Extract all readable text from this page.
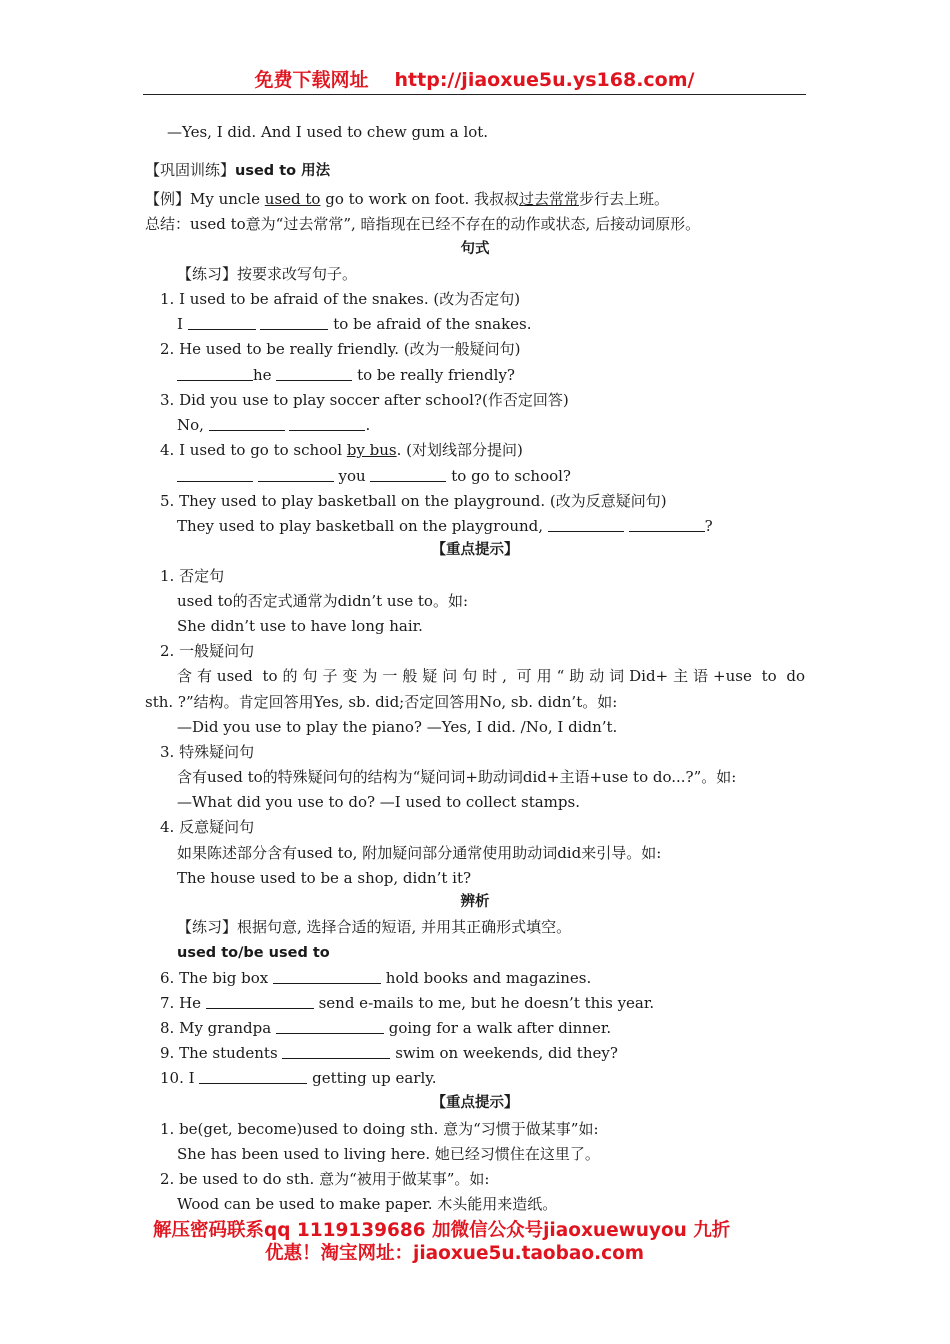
免费下载网址 http://jiaoxue5u.ys168.com/
—Yes, I did. And I used to chew gum a lot.
【巩固训练】used to 用法
【例】My uncle used to go to work on foot. 我叔叔过去常常步行去上班。
总结：used to意为“过去常常”, 暗指现在已经不存在的动作或状态, 后接动词原形。
句式
【练习】按要求改写句子。
1. I used to be afraid of the snakes. (改为否定句)
I	to be afraid of the snakes.
2. He used to be really friendly. (改为一般疑问句)
he	to be really friendly?
3. Did you use to play soccer after school?(作否定回答)
No,	.
4. I used to go to school by bus. (对划线部分提问)
you	to go to school?
5. They used to play basketball on the playground. (改为反意疑问句)
They used to play basketball on the playground,	?
【重点提示】
1. 否定句
used to的否定式通常为didn’t use to。如:
She didn’t use to have long hair.
2. 一般疑问句
含有used to的句子变为一般疑问句时, 可用“助动词Did+主语+use to do
sth. ?”结构。肯定回答用Yes, sb. did;否定回答用No, sb. didn’t。如:
—Did you use to play the piano? —Yes, I did. /No, I didn’t.
3. 特殊疑问句
含有used to的特殊疑问句的结构为“疑问词+助动词did+主语+use to do...?”。如:
—What did you use to do? —I used to collect stamps.
4. 反意疑问句
如果陈述部分含有used to, 附加疑问部分通常使用助动词did来引导。如:
The house used to be a shop, didn’t it?
辨析
【练习】根据句意, 选择合适的短语, 并用其正确形式填空。
used to/be used to
6. The big box	hold books and magazines.
7. He	send e-mails to me, but he doesn’t this year.
8. My grandpa	going for a walk after dinner.
9. The students	swim on weekends, did they?
10. I	getting up early.
【重点提示】
1. be(get, become)used to doing sth. 意为“习惯于做某事”如:
She has been used to living here. 她已经习惯住在这里了。
2. be used to do sth. 意为“被用于做某事”。如:
Wood can be used to make paper. 木头能用来造纸。
解压密码联系qq 1119139686 加微信公众号jiaoxuewuyou 九折
优惠！淘宝网址：jiaoxue5u.taobao.com
